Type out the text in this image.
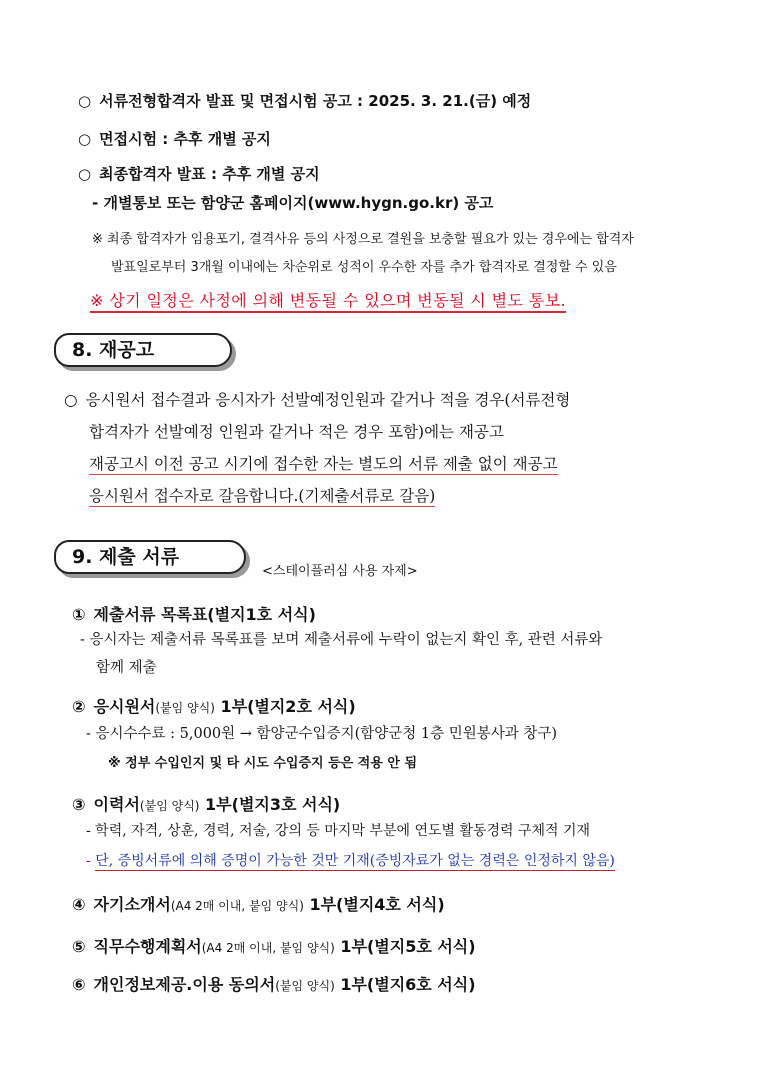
○ 서류전형합격자 발표 및 면접시험 공고 : 2025. 3. 21.(금) 예정
○ 면접시험 : 추후 개별 공지
○ 최종합격자 발표 : 추후 개별 공지
- 개별통보 또는 함양군 홈페이지(www.hygn.go.kr) 공고
※ 최종 합격자가 임용포기, 결격사유 등의 사정으로 결원을 보충할 필요가 있는 경우에는 합격자
발표일로부터 3개월 이내에는 차순위로 성적이 우수한 자를 추가 합격자로 결정할 수 있음
※ 상기 일정은 사정에 의해 변동될 수 있으며 변동될 시 별도 통보.
8. 재공고
○ 응시원서 접수결과 응시자가 선발예정인원과 같거나 적을 경우(서류전형
합격자가 선발예정 인원과 같거나 적은 경우 포함)에는 재공고
재공고시 이전 공고 시기에 접수한 자는 별도의 서류 제출 없이 재공고
응시원서 접수자로 갈음합니다.(기제출서류로 갈음)
9. 제출 서류
<스테이플러심 사용 자제>
① 제출서류 목록표(별지1호 서식)
- 응시자는 제출서류 목록표를 보며 제출서류에 누락이 없는지 확인 후, 관련 서류와
함께 제출
② 응시원서(붙임 양식) 1부(별지2호 서식)
- 응시수수료 : 5,000원 → 함양군수입증지(함양군청 1층 민원봉사과 창구)
※ 정부 수입인지 및 타 시도 수입증지 등은 적용 안 됨
③ 이력서(붙임 양식) 1부(별지3호 서식)
- 학력, 자격, 상훈, 경력, 저술, 강의 등 마지막 부분에 연도별 활동경력 구체적 기재
- 단, 증빙서류에 의해 증명이 가능한 것만 기재(증빙자료가 없는 경력은 인정하지 않음)
④ 자기소개서(A4 2매 이내, 붙임 양식) 1부(별지4호 서식)
⑤ 직무수행계획서(A4 2매 이내, 붙임 양식) 1부(별지5호 서식)
⑥ 개인정보제공.이용 동의서(붙임 양식) 1부(별지6호 서식)
